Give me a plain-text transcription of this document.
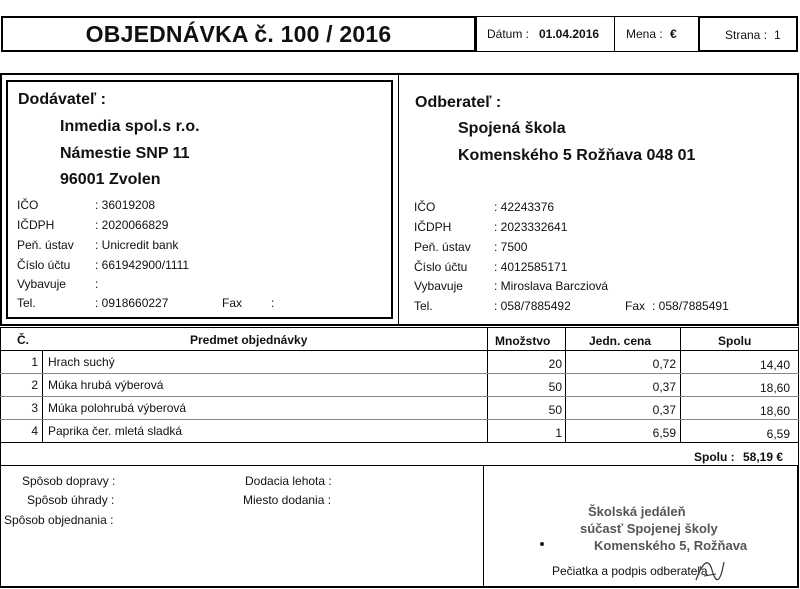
OBJEDNÁVKA č. 100 / 2016	Dátum : 01.04.2016 Mena : €	Strana : 1
Dodávateľ :
Inmedia spol.s r.o.
Námestie SNP 11
96001 Zvolen
IČO	: 36019208
IČDPH	: 2020066829
Peň. ústav : Unicredit bank
Číslo účtu : 661942900/1111
Vybavuje :
Tel.	: 0918660227	Fax :
Odberateľ :
Spojená škola
Komenského 5 Rožňava 048 01
IČO	: 42243376
IČDPH	: 2023332641
Peň. ústav : 7500
Číslo účtu : 4012585171
Vybavuje	: Miroslava Barcziová
Tel.	: 058/7885492	Fax : 058/7885491
Č.	Predmet objednávky	Množstvo	Jedn. cena	Spolu
1 Hrach suchý	20	0,72	14,40
2 Múka hrubá výberová	50	0,37	18,60
3 Múka polohrubá výberová	50	0,37	18,60
4 Paprika čer. mletá sladká	1	6,59	6,59
Spolu : 58,19 €
Spôsob dopravy :
Spôsob úhrady :
Spôsob objednania :
Dodacia lehota :
Miesto dodania :
Školská jedáleň
súčasť Spojenej školy
Komenského 5, Rožňava
Pečiatka a podpis odberateľa
